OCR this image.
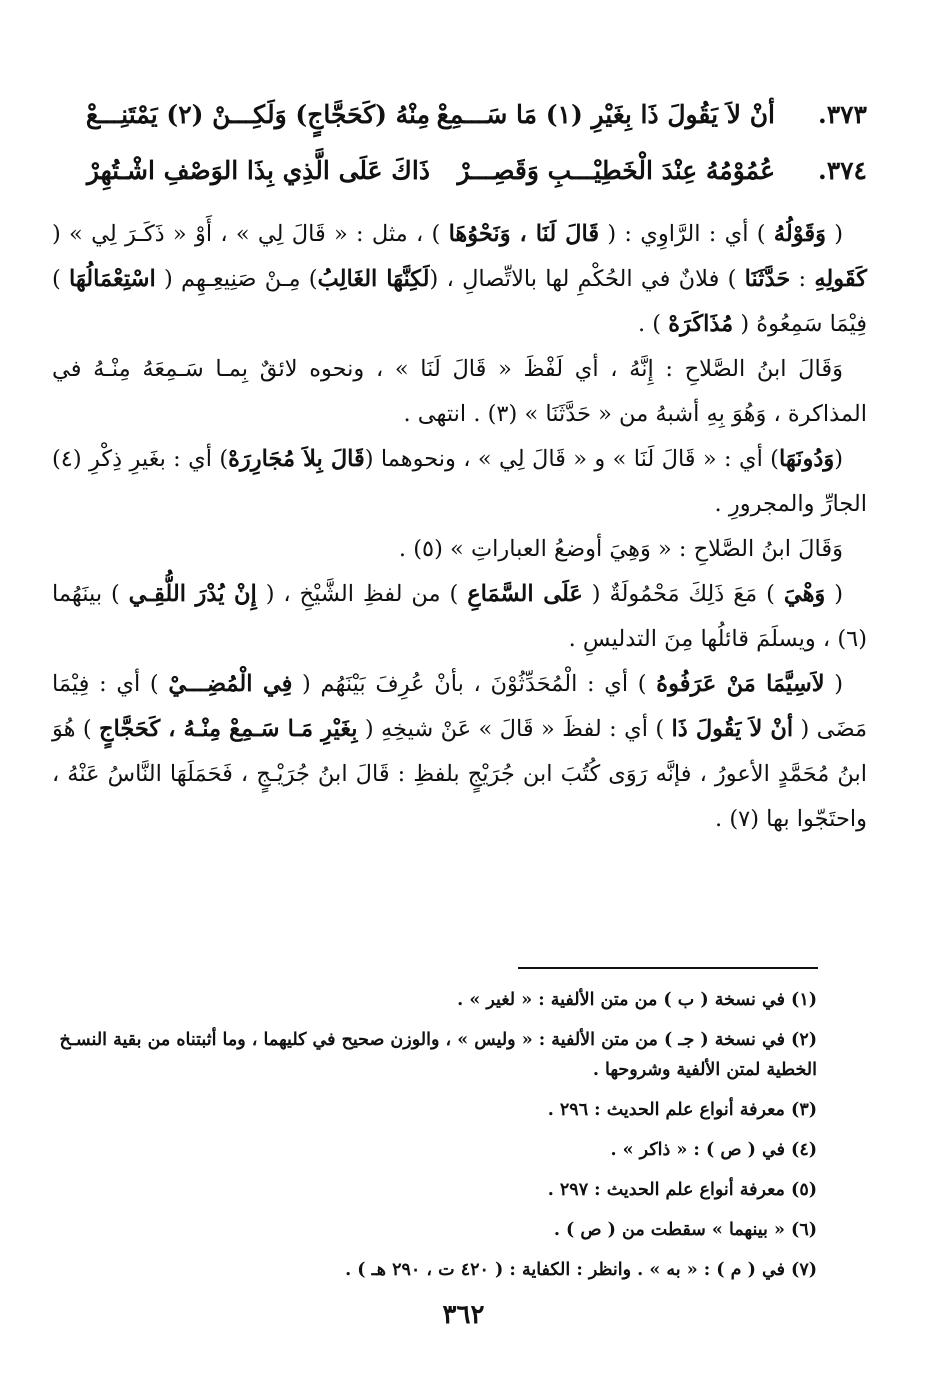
٣٧٣.
أنْ لاَ يَقُولَ ذَا بِغَيْرِ (١) مَا سَـــمِعْ
مِنْهُ (كَحَجَّاجٍ) وَلَكِـــنْ (٢) يَمْتَنِـــعْ
٣٧٤.
عُمُوْمُهُ عِنْدَ الْخَطِيْـــبِ وَقَصِـــرْ
ذَاكَ عَلَى الَّذِي بِذَا الوَصْفِ اشْـتُهِرْ

( وَقَوْلُهُ ) أي : الرَّاوِي : ( قَالَ لَنَا ، وَنَحْوُهَا ) ، مثل : « قَالَ لِي » ، أَوْ « ذَكَـرَ لِي » ( كَقَولِهِ : حَدَّثَنَا ) فلانٌ في الحُكْمِ لها بالاتِّصالِ ، (لَكِنَّهَا الغَالِبُ) مِـنْ صَنِيعِـهِم ( اسْتِعْمَالُهَا ) فِيْمَا سَمِعُوهُ ( مُذَاكَرَهْ ) .

وَقَالَ ابنُ الصَّلاحِ : إِنَّهُ ، أي لَفْظَ « قَالَ لَنَا » ، ونحوه لائقٌ بِمـا سَـمِعَهُ مِنْـهُ في المذاكرة ، وَهُوَ بِهِ أشبهُ من « حَدَّثَنَا » (٣) . انتهى .

(وَدُونَهَا) أي : « قَالَ لَنَا » و « قَالَ لِي » ، ونحوهما (قَالَ بِلاَ مُجَارِرَهْ) أي : بغَيرِ ذِكْرِ (٤) الجارِّ والمجرورِ .

وَقَالَ ابنُ الصَّلاحِ : « وَهِيَ أوضعُ العباراتِ » (٥) .

( وَهْيَ ) مَعَ ذَلِكَ مَحْمُولَةٌ ( عَلَى السَّمَاعِ ) من لفظِ الشَّيْخِ ، ( إِنْ يُدْرَ اللُّقِـي ) بينَهُما (٦) ، ويسلَمَ قائلُها مِنَ التدليسِ .

( لاَسِيَّمَا مَنْ عَرَفُوهُ ) أي : الْمُحَدِّثُوْنَ ، بأنْ عُرِفَ بَيْنَهُم ( فِي الْمُضِـــيْ ) أي : فِيْمَا مَضَى ( أنْ لاَ يَقُولَ ذَا ) أي : لفظَ « قَالَ » عَنْ شيخِهِ ( بِغَيْرِ مَـا سَـمِعْ مِنْـهُ ، كَحَجَّاجٍ ) هُوَ ابنُ مُحَمَّدٍ الأعورُ ، فإنَّه رَوَى كُتُبَ ابن جُرَيْجٍ بلفظِ : قَالَ ابنُ جُرَيْـجٍ ، فَحَمَلَهَا النَّاسُ عَنْهُ ، واحتَجّوا بها (٧) .

(١) في نسخة ( ب ) من متن الألفية : « لغير » .
(٢) في نسخة ( جـ ) من متن الألفية : « وليس » ، والوزن صحيح في كليهما ، وما أثبتناه من بقية النسـخ
الخطية لمتن الألفية وشروحها .
(٣) معرفة أنواع علم الحديث : ٢٩٦ .
(٤) في ( ص ) : « ذاكر » .
(٥) معرفة أنواع علم الحديث : ٢٩٧ .
(٦) « بينهما » سقطت من ( ص ) .
(٧) في ( م ) : « به » . وانظر : الكفاية : ( ٤٢٠ ت ، ٢٩٠ هـ ) .
٣٦٢
